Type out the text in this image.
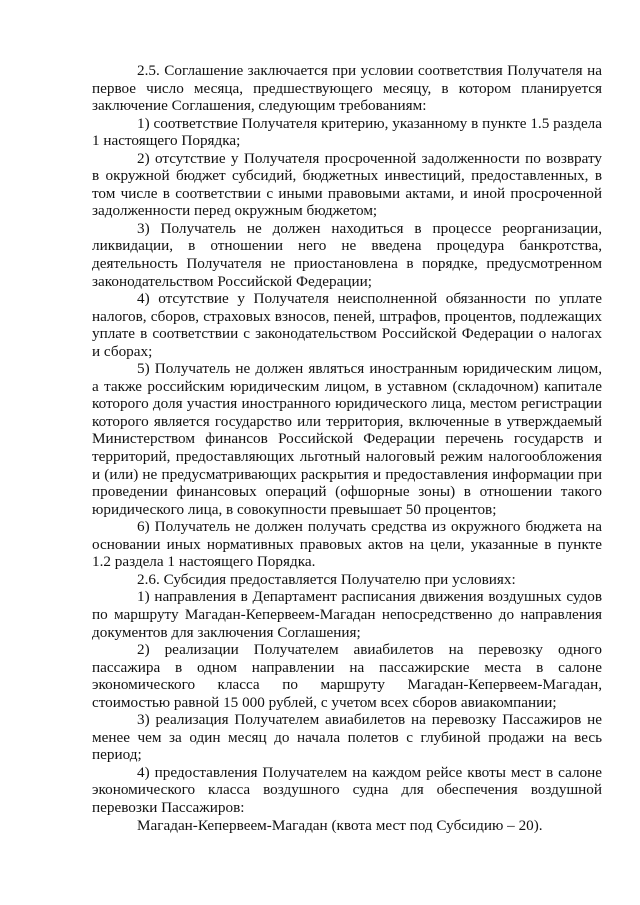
2.5. Соглашение заключается при условии соответствия Получателя на первое число месяца, предшествующего месяцу, в котором планируется заключение Соглашения, следующим требованиям:

1) соответствие Получателя критерию, указанному в пункте 1.5 раздела 1 настоящего Порядка;

2) отсутствие у Получателя просроченной задолженности по возврату в окружной бюджет субсидий, бюджетных инвестиций, предоставленных, в том числе в соответствии с иными правовыми актами, и иной просроченной задолженности перед окружным бюджетом;

3) Получатель не должен находиться в процессе реорганизации, ликвидации, в отношении него не введена процедура банкротства, деятельность Получателя не приостановлена в порядке, предусмотренном законодательством Российской Федерации;

4) отсутствие у Получателя неисполненной обязанности по уплате налогов, сборов, страховых взносов, пеней, штрафов, процентов, подлежащих уплате в соответствии с законодательством Российской Федерации о налогах и сборах;

5) Получатель не должен являться иностранным юридическим лицом, а также российским юридическим лицом, в уставном (складочном) капитале которого доля участия иностранного юридического лица, местом регистрации которого является государство или территория, включенные в утверждаемый Министерством финансов Российской Федерации перечень государств и территорий, предоставляющих льготный налоговый режим налогообложения и (или) не предусматривающих раскрытия и предоставления информации при проведении финансовых операций (офшорные зоны) в отношении такого юридического лица, в совокупности превышает 50 процентов;

6) Получатель не должен получать средства из окружного бюджета на основании иных нормативных правовых актов на цели, указанные в пункте 1.2 раздела 1 настоящего Порядка.

2.6. Субсидия предоставляется Получателю при условиях:

1) направления в Департамент расписания движения воздушных судов по маршруту Магадан-Кепервеем-Магадан непосредственно до направления документов для заключения Соглашения;

2) реализации Получателем авиабилетов на перевозку одного пассажира в одном направлении на пассажирские места в салоне экономического класса по маршруту Магадан-Кепервеем-Магадан, стоимостью равной 15 000 рублей, с учетом всех сборов авиакомпании;

3) реализация Получателем авиабилетов на перевозку Пассажиров не менее чем за один месяц до начала полетов с глубиной продажи на весь период;

4) предоставления Получателем на каждом рейсе квоты мест в салоне экономического класса воздушного судна для обеспечения воздушной перевозки Пассажиров:

Магадан-Кепервеем-Магадан (квота мест под Субсидию – 20).
